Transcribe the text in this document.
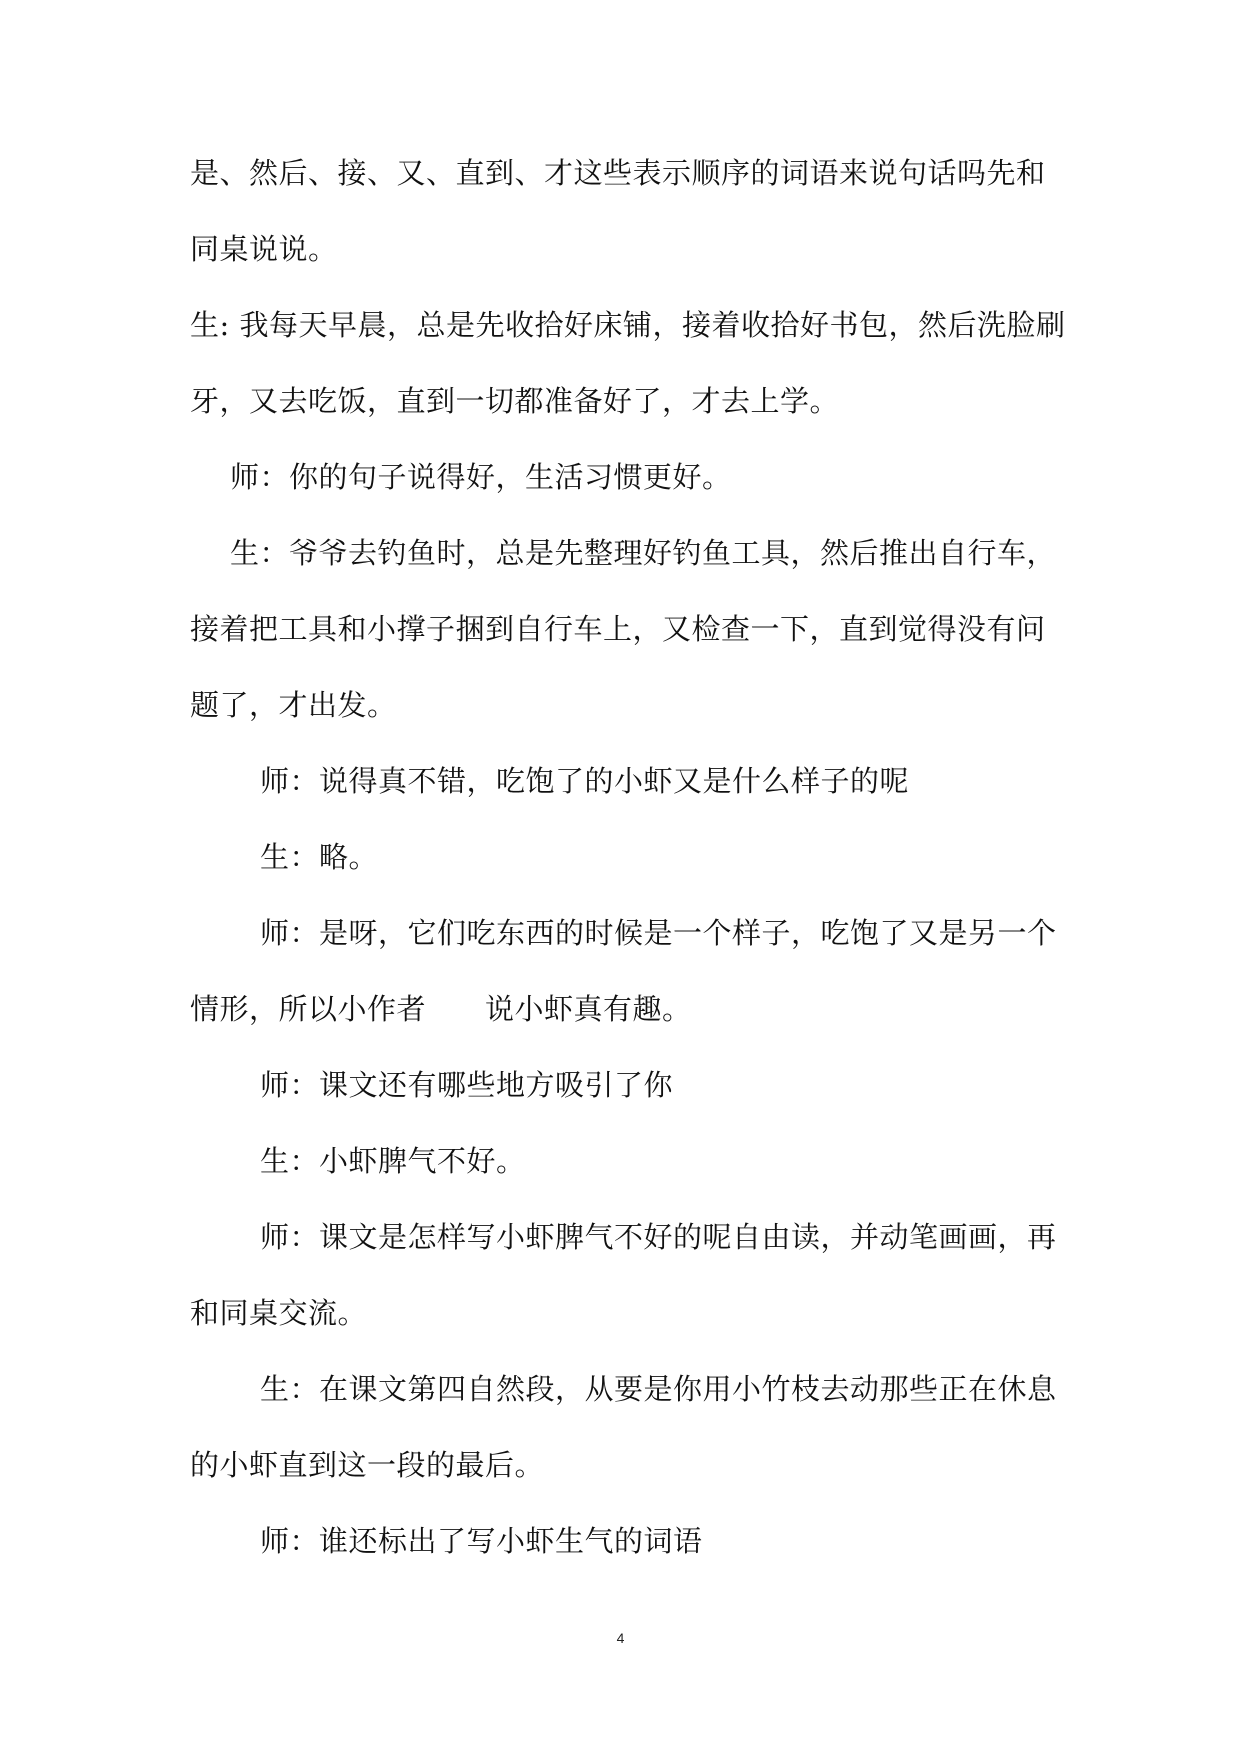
是、然后、接、又、直到、才这些表示顺序的词语来说句话吗先和同桌说说。

生: 我每天早晨，总是先收拾好床铺，接着收拾好书包，然后洗脸刷牙，又去吃饭，直到一切都准备好了，才去上学。

师：你的句子说得好，生活习惯更好。

生：爷爷去钓鱼时，总是先整理好钓鱼工具，然后推出自行车，接着把工具和小撑子捆到自行车上，又检查一下，直到觉得没有问题了，才出发。

师：说得真不错，吃饱了的小虾又是什么样子的呢

生：略。

师：是呀，它们吃东西的时候是一个样子，吃饱了又是另一个情形，所以小作者　　说小虾真有趣。

师：课文还有哪些地方吸引了你

生：小虾脾气不好。

师：课文是怎样写小虾脾气不好的呢自由读，并动笔画画，再和同桌交流。

生：在课文第四自然段，从要是你用小竹枝去动那些正在休息的小虾直到这一段的最后。

师：谁还标出了写小虾生气的词语

4
